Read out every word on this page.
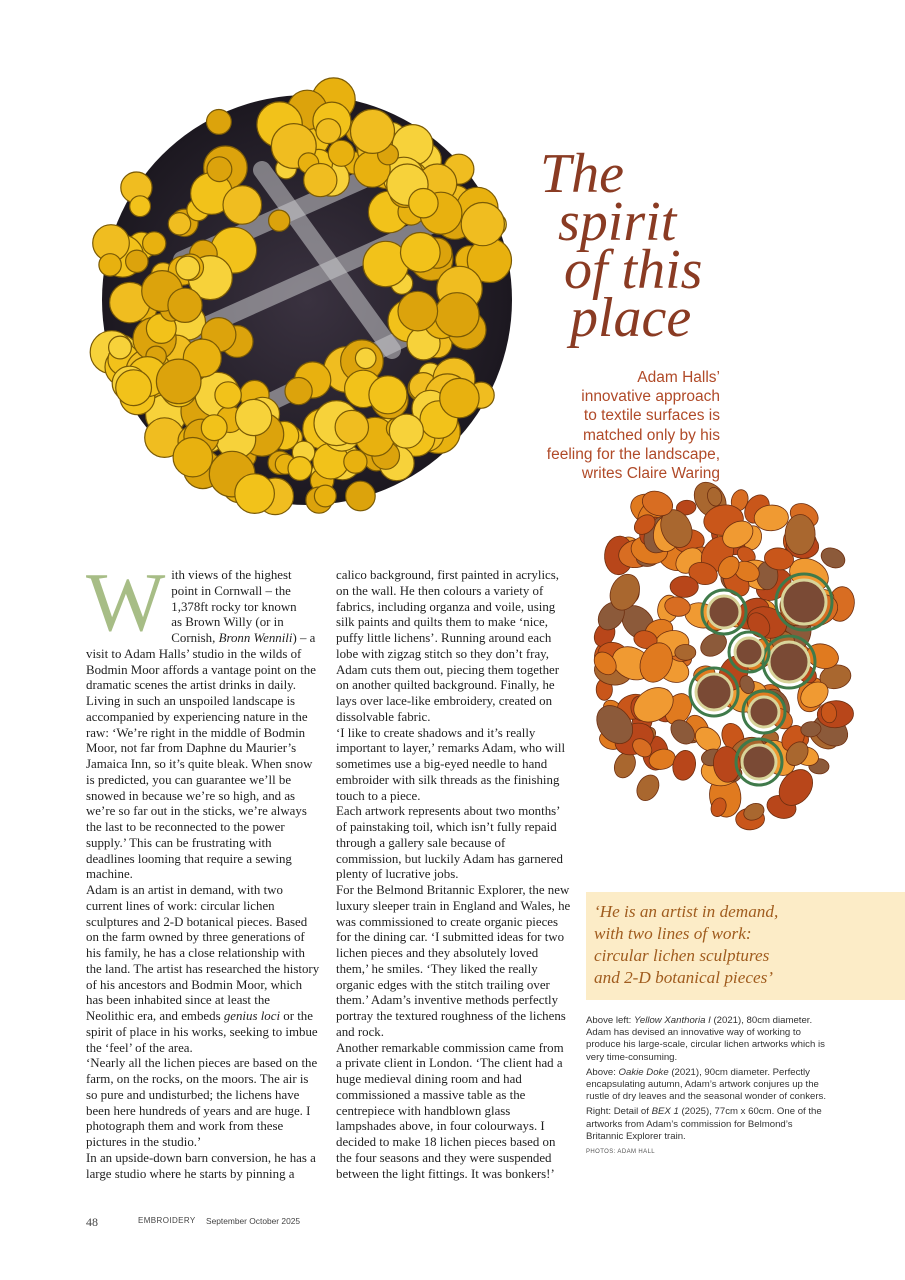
The
spirit
of this
place

Adam Halls’
innovative approach
to textile surfaces is
matched only by his
feeling for the landscape,
writes Claire Waring

W ith views of the highest
point in Cornwall – the
1,378ft rocky tor known
as Brown Willy (or in
Cornish, Bronn Wennili) – a visit to Adam Halls’ studio in the wilds of Bodmin Moor affords a vantage point on the dramatic scenes the artist drinks in daily. Living in such an unspoiled landscape is accompanied by experiencing nature in the raw: ‘We’re right in the middle of Bodmin Moor, not far from Daphne du Maurier’s Jamaica Inn, so it’s quite bleak. When snow is predicted, you can guarantee we’ll be snowed in because we’re so high, and as we’re so far out in the sticks, we’re always the last to be reconnected to the power supply.’ This can be frustrating with deadlines looming that require a sewing machine.

Adam is an artist in demand, with two current lines of work: circular lichen sculptures and 2-D botanical pieces. Based on the farm owned by three generations of his family, he has a close relationship with the land. The artist has researched the history of his ancestors and Bodmin Moor, which has been inhabited since at least the Neolithic era, and embeds genius loci or the spirit of place in his works, seeking to imbue the ‘feel’ of the area.

‘Nearly all the lichen pieces are based on the farm, on the rocks, on the moors. The air is so pure and undisturbed; the lichens have been here hundreds of years and are huge. I photograph them and work from these pictures in the studio.’

In an upside-down barn conversion, he has a large studio where he starts by pinning a

calico background, first painted in acrylics, on the wall. He then colours a variety of fabrics, including organza and voile, using silk paints and quilts them to make ‘nice, puffy little lichens’. Running around each lobe with zigzag stitch so they don’t fray, Adam cuts them out, piecing them together on another quilted background. Finally, he lays over lace-like embroidery, created on dissolvable fabric.

‘I like to create shadows and it’s really important to layer,’ remarks Adam, who will sometimes use a big-eyed needle to hand embroider with silk threads as the finishing touch to a piece.

Each artwork represents about two months’ of painstaking toil, which isn’t fully repaid through a gallery sale because of commission, but luckily Adam has garnered plenty of lucrative jobs.

For the Belmond Britannic Explorer, the new luxury sleeper train in England and Wales, he was commissioned to create organic pieces for the dining car. ‘I submitted ideas for two lichen pieces and they absolutely loved them,’ he smiles. ‘They liked the really organic edges with the stitch trailing over them.’ Adam’s inventive methods perfectly portray the textured roughness of the lichens and rock.

Another remarkable commission came from a private client in London. ‘The client had a huge medieval dining room and had commissioned a massive table as the centrepiece with handblown glass lampshades above, in four colourways. I decided to make 18 lichen pieces based on the four seasons and they were suspended between the light fittings. It was bonkers!’

‘He is an artist in demand,
with two lines of work:
circular lichen sculptures
and 2-D botanical pieces’

Above left: Yellow Xanthoria I (2021), 80cm diameter. Adam has devised an innovative way of working to produce his large-scale, circular lichen artworks which is very time-consuming.

Above: Oakie Doke (2021), 90cm diameter. Perfectly encapsulating autumn, Adam’s artwork conjures up the rustle of dry leaves and the seasonal wonder of conkers.

Right: Detail of BEX 1 (2025), 77cm x 60cm. One of the artworks from Adam’s commission for Belmond’s Britannic Explorer train.

PHOTOS: ADAM HALL
48	EMBROIDERY September October 2025
